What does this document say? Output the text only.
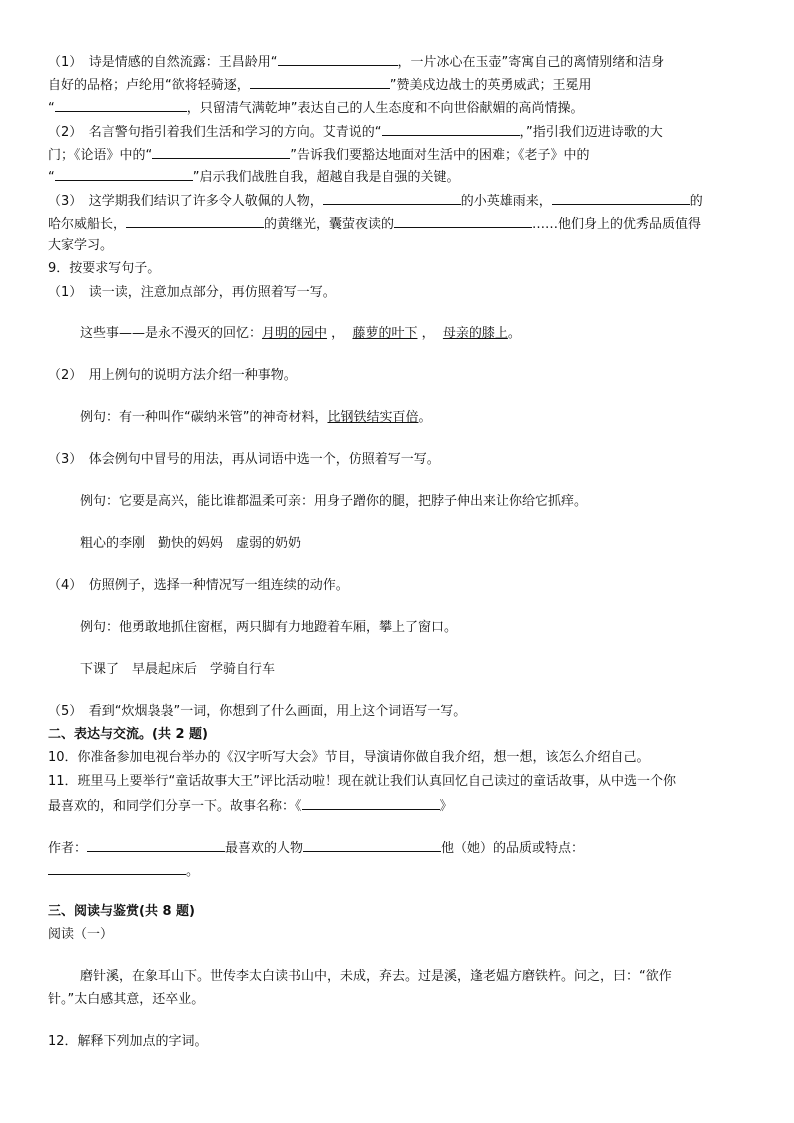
（1）　诗是情感的自然流露：王昌龄用“	，一片冰心在玉壶”寄寓自己的离情别绪和洁身
自好的品格；卢纶用“欲将轻骑逐，	”赞美戍边战士的英勇威武；王冕用
“	，只留清气满乾坤”表达自己的人生态度和不向世俗献媚的高尚情操。
（2）　名言警句指引着我们生活和学习的方向。艾青说的“	，”指引我们迈进诗歌的大
门；《论语》中的“	”告诉我们要豁达地面对生活中的困难；《老子》中的
“	”启示我们战胜自我，超越自我是自强的关键。
（3）　这学期我们结识了许多令人敬佩的人物，	的小英雄雨来，	的
哈尔威船长，	的黄继光，囊萤夜读的	……他们身上的优秀品质值得
大家学习。
9．按要求写句子。
（1）　读一读，注意加点部分，再仿照着写一写。
这些事——是永不漫灭的回忆：月明的园中 ， 藤萝的叶下 ， 母亲的膝上。
（2）　用上例句的说明方法介绍一种事物。
例句：有一种叫作“碳纳米管”的神奇材料，比钢铁结实百倍。
（3）　体会例句中冒号的用法，再从词语中选一个，仿照着写一写。
例句：它要是高兴，能比谁都温柔可亲：用身子蹭你的腿，把脖子伸出来让你给它抓痒。
粗心的李刚　勤快的妈妈　虚弱的奶奶
（4）　仿照例子，选择一种情况写一组连续的动作。
例句：他勇敢地抓住窗框，两只脚有力地蹬着车厢，攀上了窗口。
下课了　早晨起床后　学骑自行车
（5）　看到“炊烟袅袅”一词，你想到了什么画面，用上这个词语写一写。
二、表达与交流。(共 2 题)
10．你准备参加电视台举办的《汉字听写大会》节目，导演请你做自我介绍，想一想，该怎么介绍自己。
11．班里马上要举行“童话故事大王”评比活动啦！现在就让我们认真回忆自己读过的童话故事，从中选一个你
最喜欢的，和同学们分享一下。故事名称：《	》
作者：	最喜欢的人物	他（她）的品质或特点：
。
三、阅读与鉴赏(共 8 题)
阅读（一）
磨针溪，在象耳山下。世传李太白读书山中，未成，弃去。过是溪，逢老媪方磨铁杵。问之，曰：“欲作
针。”太白感其意，还卒业。
12．解释下列加点的字词。
